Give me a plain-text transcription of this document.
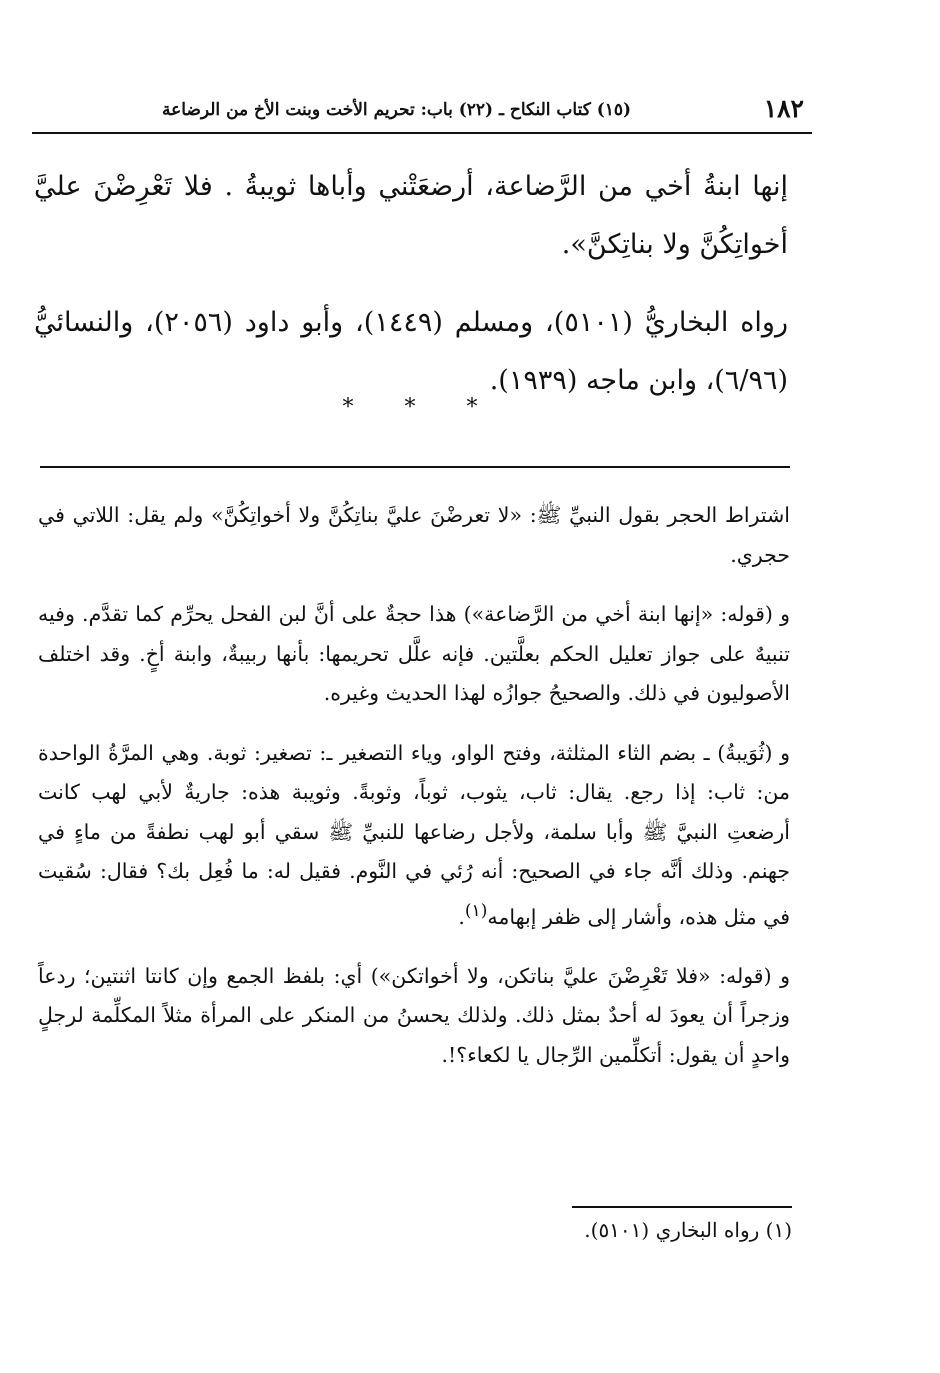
١٨٢
(١٥) كتاب النكاح ـ (٢٢) باب: تحريم الأخت وبنت الأخ من الرضاعة

إنها ابنةُ أخي من الرَّضاعة، أرضعَتْني وأباها ثويبةُ . فلا تَعْرِضْنَ عليَّ أخواتِكُنَّ ولا بناتِكنَّ».

رواه البخاريُّ (٥١٠١)، ومسلم (١٤٤٩)، وأبو داود (٢٠٥٦)، والنسائيُّ (٦/٩٦)، وابن ماجه (١٩٣٩).

* * *

اشتراط الحجر بقول النبيِّ ﷺ: «لا تعرضْنَ عليَّ بناتِكُنَّ ولا أخواتِكُنَّ» ولم يقل: اللاتي في حجري.

و (قوله: «إنها ابنة أخي من الرَّضاعة») هذا حجةٌ على أنَّ لبن الفحل يحرِّم كما تقدَّم. وفيه تنبيهٌ على جواز تعليل الحكم بعلَّتين. فإنه علَّل تحريمها: بأنها ربيبةٌ، وابنة أخٍ. وقد اختلف الأصوليون في ذلك. والصحيحُ جوازُه لهذا الحديث وغيره.

و (ثُوَيبةُ) ـ بضم الثاء المثلثة، وفتح الواو، وياء التصغير ـ: تصغير: ثوبة. وهي المرَّةُ الواحدة من: ثاب: إذا رجع. يقال: ثاب، يثوب، ثوباً، وثوبةً. وثويبة هذه: جاريةٌ لأبي لهب كانت أرضعتِ النبيَّ ﷺ وأبا سلمة، ولأجل رضاعها للنبيِّ ﷺ سقي أبو لهب نطفةً من ماءٍ في جهنم. وذلك أنَّه جاء في الصحيح: أنه رُئي في النَّوم. فقيل له: ما فُعِل بك؟ فقال: سُقيت في مثل هذه، وأشار إلى ظفر إبهامه$^{(١)}$.

و (قوله: «فلا تَعْرِضْنَ عليَّ بناتكن، ولا أخواتكن») أي: بلفظ الجمع وإن كانتا اثنتين؛ ردعاً وزجراً أن يعودَ له أحدٌ بمثل ذلك. ولذلك يحسنُ من المنكر على المرأة مثلاً المكلِّمة لرجلٍ واحدٍ أن يقول: أتكلِّمين الرِّجال يا لكعاء؟!.

(١) رواه البخاري (٥١٠١).
